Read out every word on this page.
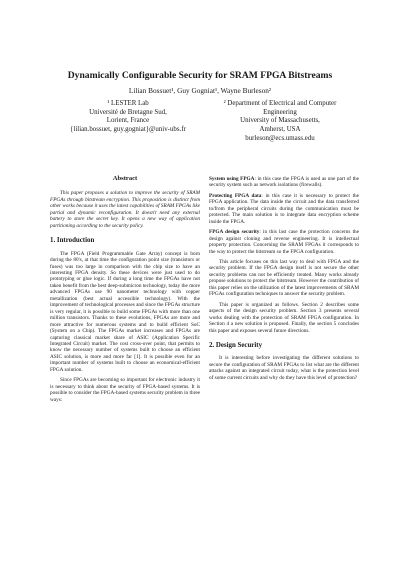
Dynamically Configurable Security for SRAM FPGA Bitstreams
Lilian Bossuet¹, Guy Gogniat¹, Wayne Burleson²
¹ LESTER Lab
Université de Bretagne Sud,
Lorient, France
{lilian.bossuet, guy.gogniat}@univ-ubs.fr
² Department of Electrical and Computer
Engineering
University of Massachusetts,
Amherst, USA
burleson@ecs.umass.edu
Abstract

This paper proposes a solution to improve the security of SRAM FPGAs through bitstream encryption. This proposition is distinct from other works because it uses the latest capabilities of SRAM FPGAs like partial and dynamic reconfiguration. It doesn't need any external battery to store the secret key. It opens a new way of application partitioning according to the security policy.

1. Introduction

The FPGA (Field Programmable Gate Array) concept is born during the 80's, at that time the configuration point size (transistors or fuses) was too large in comparison with the chip size to have an interesting FPGA density. So these devices were just used to do prototyping or glue logic. If during a long time the FPGAs have not taken benefit from the best deep-submicron technology, today the more advanced FPGAs use 90 nanometer technology with copper metallization (best actual accessible technology). With the improvement of technological processes and since the FPGAs structure is very regular, it is possible to build some FPGAs with more than one million transistors. Thanks to these evolutions, FPGAs are more and more attractive for numerous systems and to build efficient SoC (System on a Chip). The FPGAs market increases and FPGAs are capturing classical market share of ASIC (Application Specific Integrated Circuit) market. The cost cross-over point, that permits to know the necessary number of systems built to choose an efficient ASIC solution, is more and more far [1]. It is possible even for an important number of systems built to choose an economical-efficient FPGA solution.

Since FPGAs are becoming so important for electronic industry it is necessary to think about the security of FPGA-based systems. It is possible to consider the FPGA-based systems security problem in three ways:

System using FPGA: in this case the FPGA is used as one part of the security system such as network isolations (firewalls).

Protecting FPGA data: in this case it is necessary to protect the FPGA application. The data inside the circuit and the data transferred to/from the peripheral circuits during the communication must be protected. The main solution is to integrate data encryption scheme inside the FPGA.

FPGA design security: in this last case the protection concerns the design against cloning and reverse engineering. It is intellectual property protection. Concerning the SRAM FPGAs it corresponds to the way to protect the bitstream so the FPGA configuration.

This article focuses on this last way to deal with FPGA and the security problem. If the FPGA design itself is not secure the other security problems can not be efficiently treated. Many works already propose solutions to protect the bitstream. However the contribution of this paper relies on the utilization of the latest improvements of SRAM FPGAs configuration techniques to answer the security problem.

This paper is organized as follows. Section 2 describes some aspects of the design security problem. Section 3 presents several works dealing with the protection of SRAM FPGA configuration. In Section 4 a new solution is proposed. Finally, the section 5 concludes this paper and exposes several future directions.

2. Design Security

It is interesting before investigating the different solutions to secure the configuration of SRAM FPGAs to list what are the different attacks against an integrated circuit today, what is the protection level of some current circuits and why do they have this level of protection?
